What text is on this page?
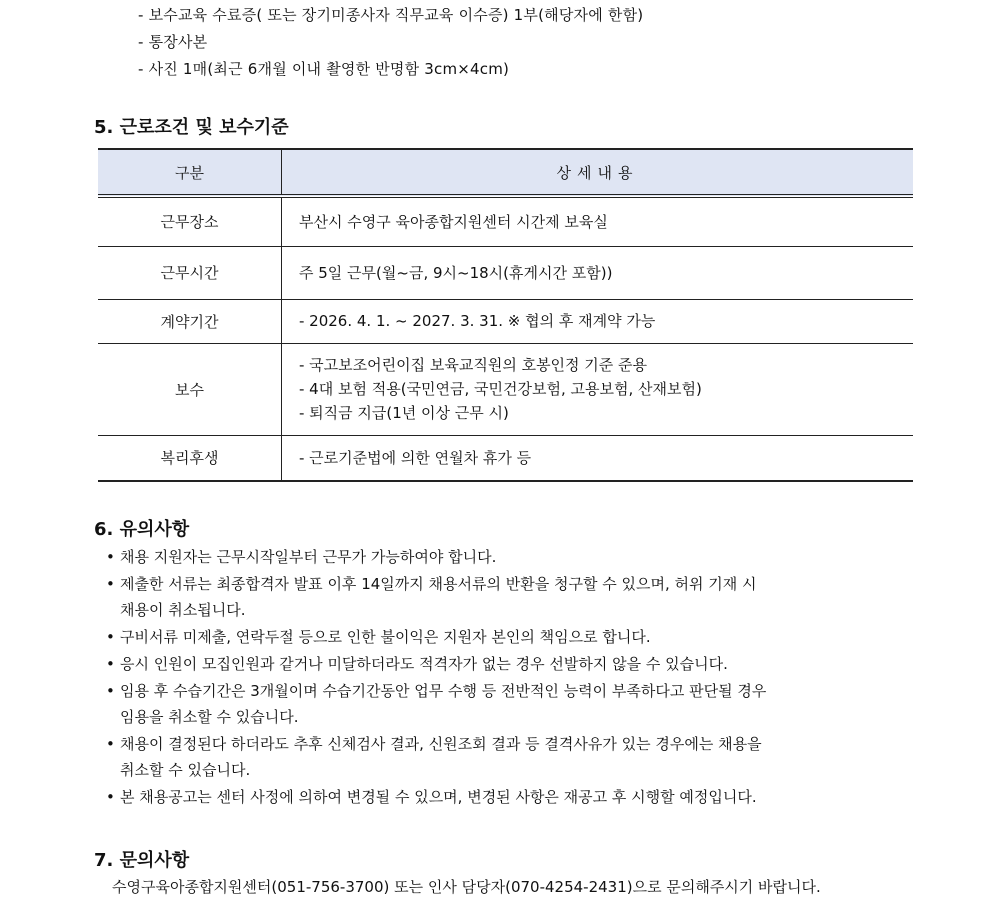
- 보수교육 수료증( 또는 장기미종사자 직무교육 이수증) 1부(해당자에 한함)
- 통장사본
- 사진 1매(최근 6개월 이내 촬영한 반명함 3cm×4cm)
5. 근로조건 및 보수기준
구분	상세내용
근무장소	부산시 수영구 육아종합지원센터 시간제 보육실

근무시간	주 5일 근무(월~금, 9시~18시(휴게시간 포함))

계약기간	- 2026. 4. 1. ~ 2027. 3. 31. ※ 협의 후 재계약 가능

보수	- 국고보조어린이집 보육교직원의 호봉인정 기준 준용
- 4대 보험 적용(국민연금, 국민건강보험, 고용보험, 산재보험)
- 퇴직금 지급(1년 이상 근무 시)

복리후생	- 근로기준법에 의한 연월차 휴가 등
6. 유의사항
• 채용 지원자는 근무시작일부터 근무가 가능하여야 합니다.
• 제출한 서류는 최종합격자 발표 이후 14일까지 채용서류의 반환을 청구할 수 있으며, 허위 기재 시
채용이 취소됩니다.
• 구비서류 미제출, 연락두절 등으로 인한 불이익은 지원자 본인의 책임으로 합니다.
• 응시 인원이 모집인원과 같거나 미달하더라도 적격자가 없는 경우 선발하지 않을 수 있습니다.
• 임용 후 수습기간은 3개월이며 수습기간동안 업무 수행 등 전반적인 능력이 부족하다고 판단될 경우
임용을 취소할 수 있습니다.
• 채용이 결정된다 하더라도 추후 신체검사 결과, 신원조회 결과 등 결격사유가 있는 경우에는 채용을
취소할 수 있습니다.
• 본 채용공고는 센터 사정에 의하여 변경될 수 있으며, 변경된 사항은 재공고 후 시행할 예정입니다.
7. 문의사항
수영구육아종합지원센터(051-756-3700) 또는 인사 담당자(070-4254-2431)으로 문의해주시기 바랍니다.
